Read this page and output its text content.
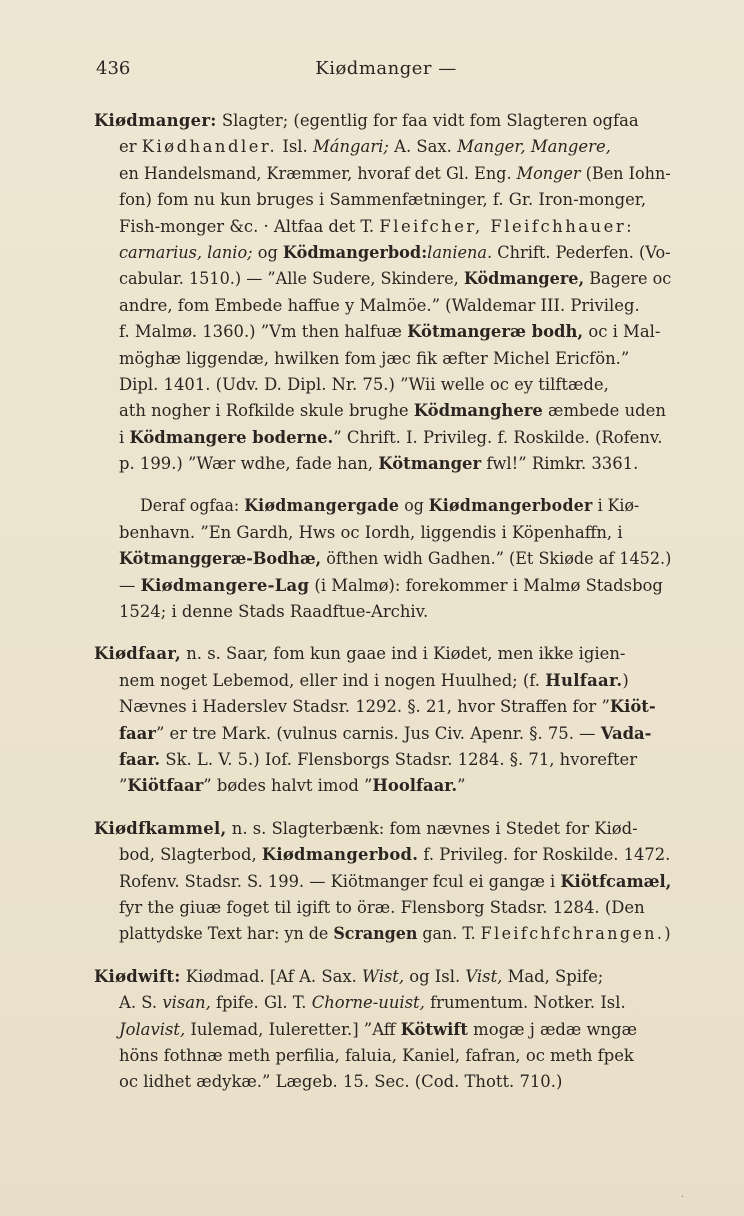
436	Kiødmanger —
Kiødmanger: Slagter; (egentlig for faa vidt fom Slagteren ogfaa
er Kiødhandler. Isl. Mángari; A. Sax. Manger, Mangere,
en Handelsmand, Kræmmer, hvoraf det Gl. Eng. Monger (Ben Iohn-
fon) fom nu kun bruges i Sammenfætninger, f. Gr. Iron-monger,
Fish-monger &c. · Altfaa det T. Fleifcher, Fleifchhauer:
carnarius, lanio; og Ködmangerbod:laniena. Chrift. Pederfen. (Vo-
cabular. 1510.) — ”Alle Sudere, Skindere, Ködmangere, Bagere oc
andre, fom Embede haffue y Malmöe.” (Waldemar III. Privileg.
f. Malmø. 1360.) ”Vm then halfuæ Kötmangeræ bodh, oc i Mal-
möghæ liggendæ, hwilken fom jæc fik æfter Michel Ericfön.”
Dipl. 1401. (Udv. D. Dipl. Nr. 75.) ”Wii welle oc ey tilftæde,
ath nogher i Rofkilde skule brughe Ködmanghere æmbede uden
i Ködmangere boderne.” Chrift. I. Privileg. f. Roskilde. (Rofenv.
p. 199.) ”Wær wdhe, fade han, Kötmanger fwl!” Rimkr. 3361.
Deraf ogfaa: Kiødmangergade og Kiødmangerboder i Kiø-
benhavn. ”En Gardh, Hws oc Iordh, liggendis i Köpenhaffn, i
Kötmanggeræ-Bodhæ, öfthen widh Gadhen.” (Et Skiøde af 1452.)
— Kiødmangere-Lag (i Malmø): forekommer i Malmø Stadsbog
1524; i denne Stads Raadftue-Archiv.
Kiødfaar, n. s. Saar, fom kun gaae ind i Kiødet, men ikke igien-
nem noget Lebemod, eller ind i nogen Huulhed; (f. Hulfaar.)
Nævnes i Haderslev Stadsr. 1292. §. 21, hvor Straffen for ”Kiöt-
faar” er tre Mark. (vulnus carnis. Jus Civ. Apenr. §. 75. — Vada-
faar. Sk. L. V. 5.) Iof. Flensborgs Stadsr. 1284. §. 71, hvorefter
”Kiötfaar” bødes halvt imod ”Hoolfaar.”
Kiødfkammel, n. s. Slagterbænk: fom nævnes i Stedet for Kiød-
bod, Slagterbod, Kiødmangerbod. f. Privileg. for Roskilde. 1472.
Rofenv. Stadsr. S. 199. — Kiötmanger fcul ei gangæ i Kiötfcamæl,
fyr the giuæ foget til igift to öræ. Flensborg Stadsr. 1284. (Den
plattydske Text har: yn de Scrangen gan. T. Fleifchfchrangen.)
Kiødwift: Kiødmad. [Af A. Sax. Wist, og Isl. Vist, Mad, Spife;
A. S. visan, fpife. Gl. T. Chorne-uuist, frumentum. Notker. Isl.
Jolavist, Iulemad, Iuleretter.] ”Aff Kötwift mogæ j ædæ wngæ
höns fothnæ meth perfilia, faluia, Kaniel, fafran, oc meth fpek
oc lidhet ædykæ.” Lægeb. 15. Sec. (Cod. Thott. 710.)
·
